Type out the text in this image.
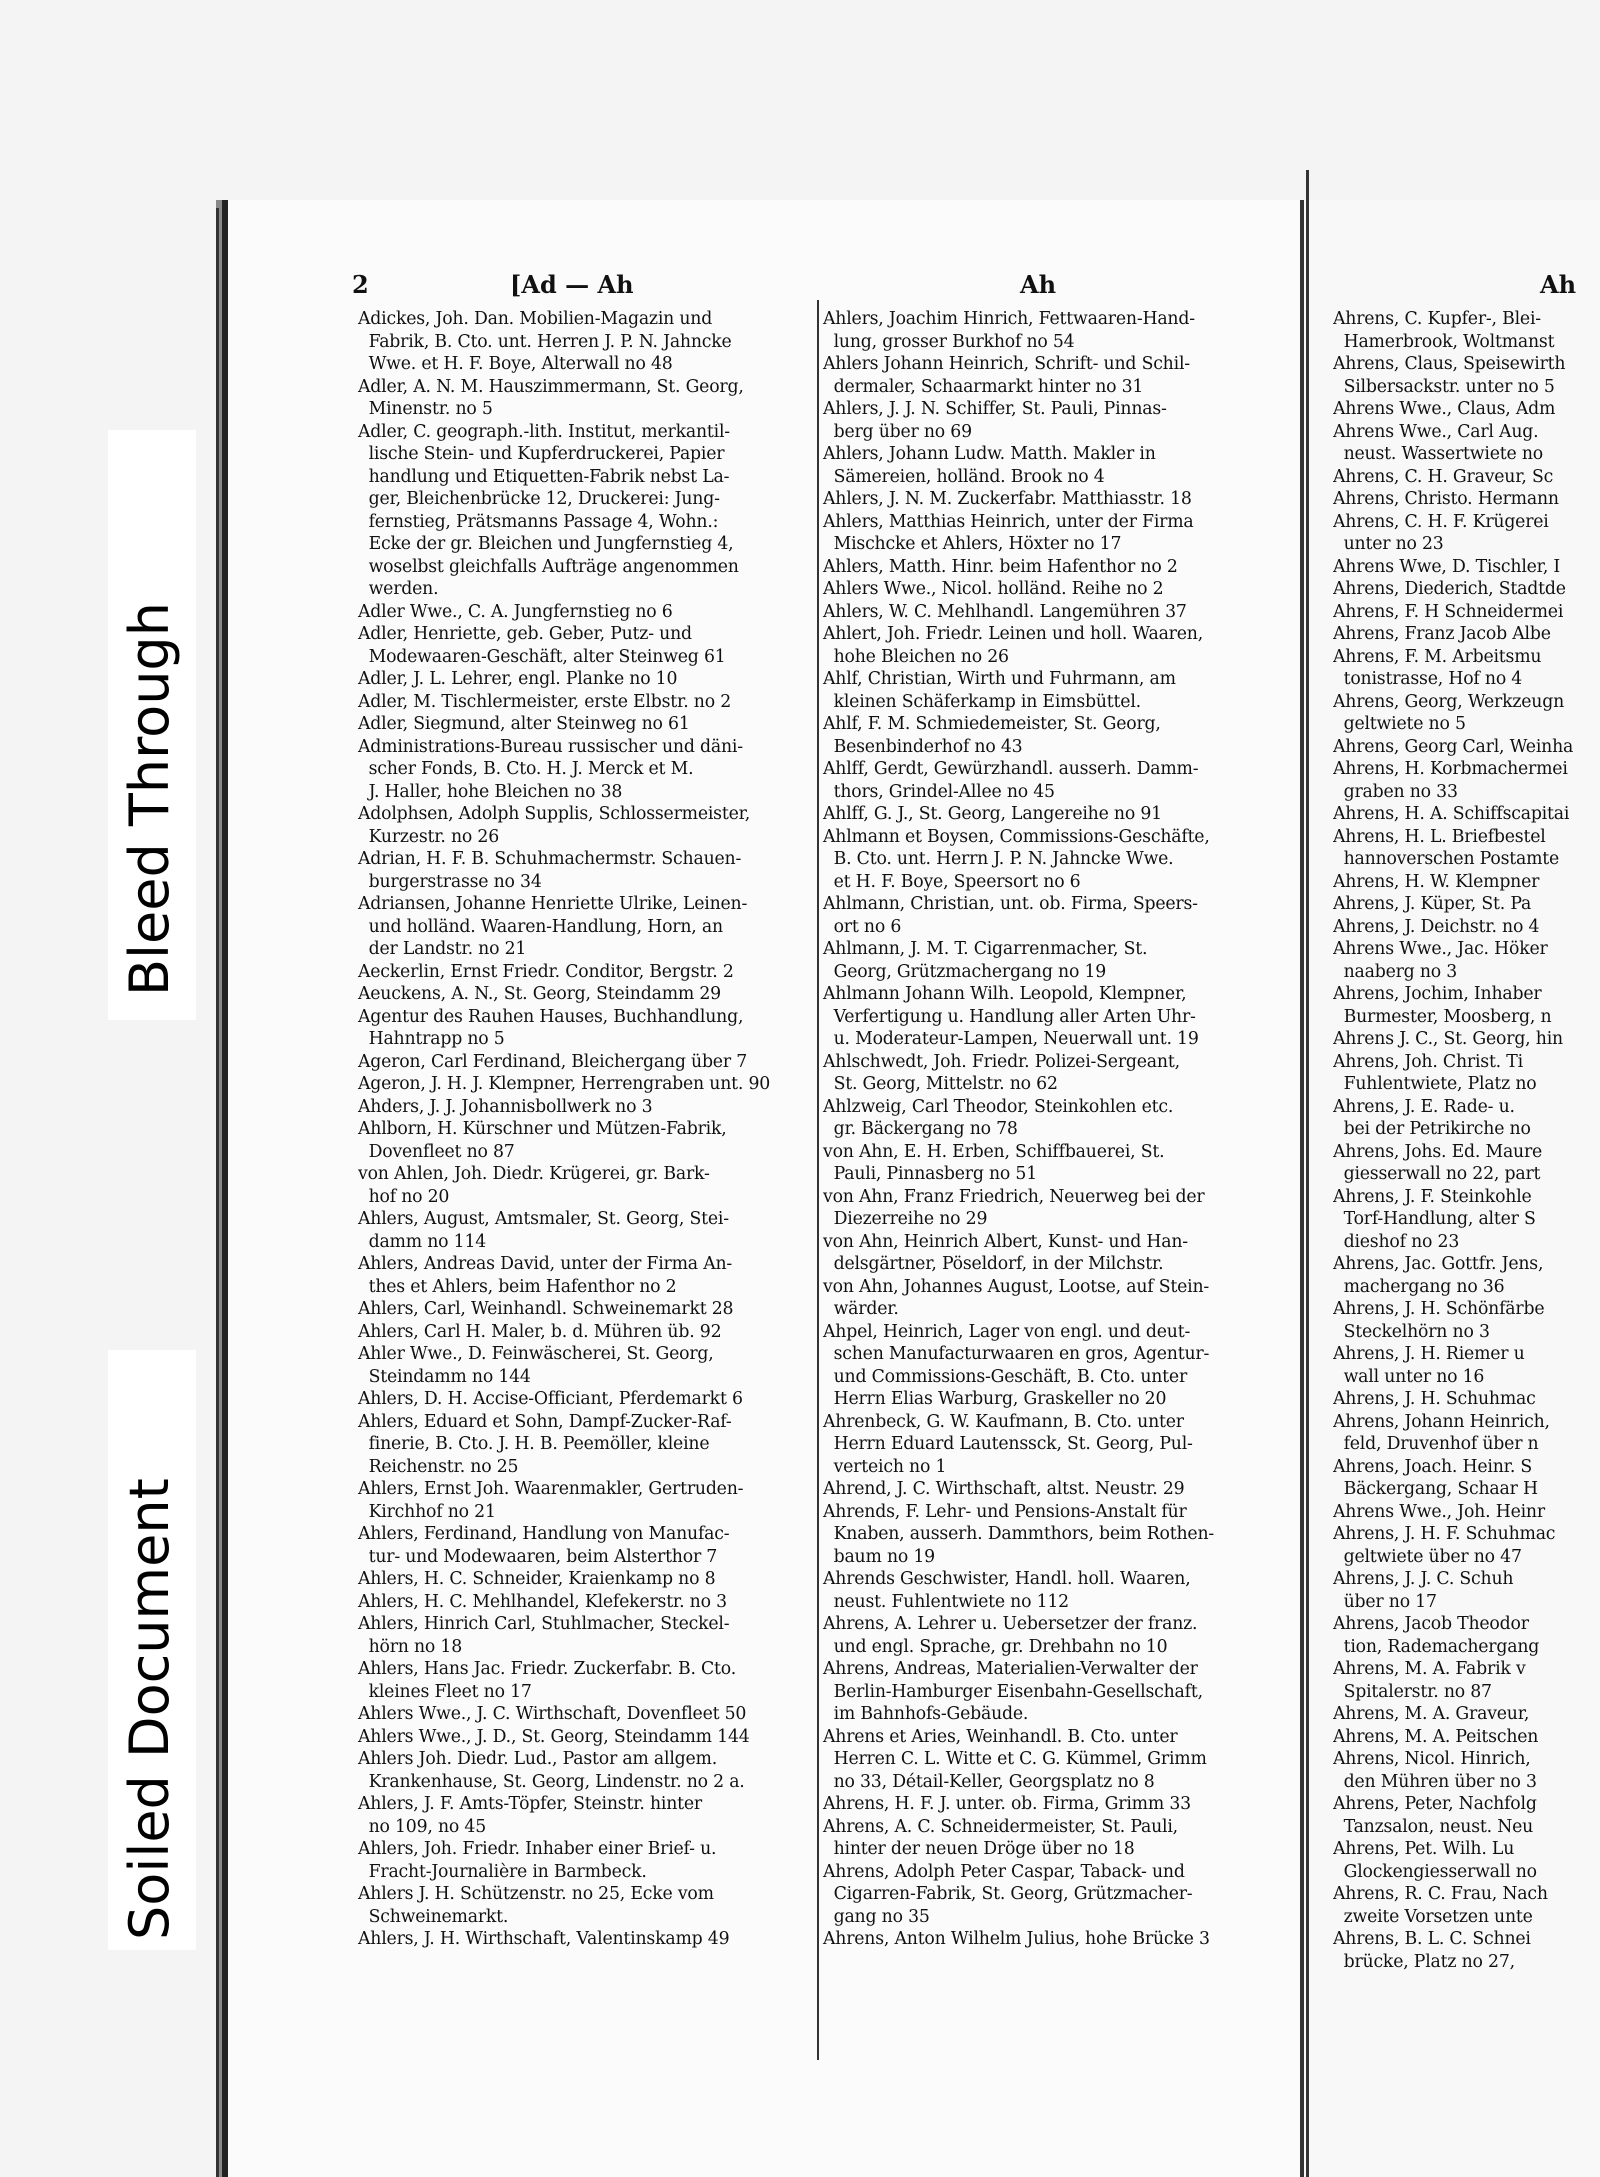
Bleed Through
Soiled Document
2	[Ad — Ah	Ah	Ah
Adickes, Joh. Dan. Mobilien-Magazin und
Fabrik, B. Cto. unt. Herren J. P. N. Jahncke
Wwe. et H. F. Boye, Alterwall no 48
Adler, A. N. M. Hauszimmermann, St. Georg,
Minenstr. no 5
Adler, C. geograph.-lith. Institut, merkantil-
lische Stein- und Kupferdruckerei, Papier
handlung und Etiquetten-Fabrik nebst La-
ger, Bleichenbrücke 12, Druckerei: Jung-
fernstieg, Prätsmanns Passage 4, Wohn.:
Ecke der gr. Bleichen und Jungfernstieg 4,
woselbst gleichfalls Aufträge angenommen
werden.
Adler Wwe., C. A. Jungfernstieg no 6
Adler, Henriette, geb. Geber, Putz- und
Modewaaren-Geschäft, alter Steinweg 61
Adler, J. L. Lehrer, engl. Planke no 10
Adler, M. Tischlermeister, erste Elbstr. no 2
Adler, Siegmund, alter Steinweg no 61
Administrations-Bureau russischer und däni-
scher Fonds, B. Cto. H. J. Merck et M.
J. Haller, hohe Bleichen no 38
Adolphsen, Adolph Supplis, Schlossermeister,
Kurzestr. no 26
Adrian, H. F. B. Schuhmachermstr. Schauen-
burgerstrasse no 34
Adriansen, Johanne Henriette Ulrike, Leinen-
und holländ. Waaren-Handlung, Horn, an
der Landstr. no 21
Aeckerlin, Ernst Friedr. Conditor, Bergstr. 2
Aeuckens, A. N., St. Georg, Steindamm 29
Agentur des Rauhen Hauses, Buchhandlung,
Hahntrapp no 5
Ageron, Carl Ferdinand, Bleichergang über 7
Ageron, J. H. J. Klempner, Herrengraben unt. 90
Ahders, J. J. Johannisbollwerk no 3
Ahlborn, H. Kürschner und Mützen-Fabrik,
Dovenfleet no 87
von Ahlen, Joh. Diedr. Krügerei, gr. Bark-
hof no 20
Ahlers, August, Amtsmaler, St. Georg, Stei-
damm no 114
Ahlers, Andreas David, unter der Firma An-
thes et Ahlers, beim Hafenthor no 2
Ahlers, Carl, Weinhandl. Schweinemarkt 28
Ahlers, Carl H. Maler, b. d. Mühren üb. 92
Ahler Wwe., D. Feinwäscherei, St. Georg,
Steindamm no 144
Ahlers, D. H. Accise-Officiant, Pferdemarkt 6
Ahlers, Eduard et Sohn, Dampf-Zucker-Raf-
finerie, B. Cto. J. H. B. Peemöller, kleine
Reichenstr. no 25
Ahlers, Ernst Joh. Waarenmakler, Gertruden-
Kirchhof no 21
Ahlers, Ferdinand, Handlung von Manufac-
tur- und Modewaaren, beim Alsterthor 7
Ahlers, H. C. Schneider, Kraienkamp no 8
Ahlers, H. C. Mehlhandel, Klefekerstr. no 3
Ahlers, Hinrich Carl, Stuhlmacher, Steckel-
hörn no 18
Ahlers, Hans Jac. Friedr. Zuckerfabr. B. Cto.
kleines Fleet no 17
Ahlers Wwe., J. C. Wirthschaft, Dovenfleet 50
Ahlers Wwe., J. D., St. Georg, Steindamm 144
Ahlers Joh. Diedr. Lud., Pastor am allgem.
Krankenhause, St. Georg, Lindenstr. no 2 a.
Ahlers, J. F. Amts-Töpfer, Steinstr. hinter
no 109, no 45
Ahlers, Joh. Friedr. Inhaber einer Brief- u.
Fracht-Journalière in Barmbeck.
Ahlers J. H. Schützenstr. no 25, Ecke vom
Schweinemarkt.
Ahlers, J. H. Wirthschaft, Valentinskamp 49
Ahlers, Joachim Hinrich, Fettwaaren-Hand-
lung, grosser Burkhof no 54
Ahlers Johann Heinrich, Schrift- und Schil-
dermaler, Schaarmarkt hinter no 31
Ahlers, J. J. N. Schiffer, St. Pauli, Pinnas-
berg über no 69
Ahlers, Johann Ludw. Matth. Makler in
Sämereien, holländ. Brook no 4
Ahlers, J. N. M. Zuckerfabr. Matthiasstr. 18
Ahlers, Matthias Heinrich, unter der Firma
Mischcke et Ahlers, Höxter no 17
Ahlers, Matth. Hinr. beim Hafenthor no 2
Ahlers Wwe., Nicol. holländ. Reihe no 2
Ahlers, W. C. Mehlhandl. Langemühren 37
Ahlert, Joh. Friedr. Leinen und holl. Waaren,
hohe Bleichen no 26
Ahlf, Christian, Wirth und Fuhrmann, am
kleinen Schäferkamp in Eimsbüttel.
Ahlf, F. M. Schmiedemeister, St. Georg,
Besenbinderhof no 43
Ahlff, Gerdt, Gewürzhandl. ausserh. Damm-
thors, Grindel-Allee no 45
Ahlff, G. J., St. Georg, Langereihe no 91
Ahlmann et Boysen, Commissions-Geschäfte,
B. Cto. unt. Herrn J. P. N. Jahncke Wwe.
et H. F. Boye, Speersort no 6
Ahlmann, Christian, unt. ob. Firma, Speers-
ort no 6
Ahlmann, J. M. T. Cigarrenmacher, St.
Georg, Grützmachergang no 19
Ahlmann Johann Wilh. Leopold, Klempner,
Verfertigung u. Handlung aller Arten Uhr-
u. Moderateur-Lampen, Neuerwall unt. 19
Ahlschwedt, Joh. Friedr. Polizei-Sergeant,
St. Georg, Mittelstr. no 62
Ahlzweig, Carl Theodor, Steinkohlen etc.
gr. Bäckergang no 78
von Ahn, E. H. Erben, Schiffbauerei, St.
Pauli, Pinnasberg no 51
von Ahn, Franz Friedrich, Neuerweg bei der
Diezerreihe no 29
von Ahn, Heinrich Albert, Kunst- und Han-
delsgärtner, Pöseldorf, in der Milchstr.
von Ahn, Johannes August, Lootse, auf Stein-
wärder.
Ahpel, Heinrich, Lager von engl. und deut-
schen Manufacturwaaren en gros, Agentur-
und Commissions-Geschäft, B. Cto. unter
Herrn Elias Warburg, Graskeller no 20
Ahrenbeck, G. W. Kaufmann, B. Cto. unter
Herrn Eduard Lautenssck, St. Georg, Pul-
verteich no 1
Ahrend, J. C. Wirthschaft, altst. Neustr. 29
Ahrends, F. Lehr- und Pensions-Anstalt für
Knaben, ausserh. Dammthors, beim Rothen-
baum no 19
Ahrends Geschwister, Handl. holl. Waaren,
neust. Fuhlentwiete no 112
Ahrens, A. Lehrer u. Uebersetzer der franz.
und engl. Sprache, gr. Drehbahn no 10
Ahrens, Andreas, Materialien-Verwalter der
Berlin-Hamburger Eisenbahn-Gesellschaft,
im Bahnhofs-Gebäude.
Ahrens et Aries, Weinhandl. B. Cto. unter
Herren C. L. Witte et C. G. Kümmel, Grimm
no 33, Détail-Keller, Georgsplatz no 8
Ahrens, H. F. J. unter. ob. Firma, Grimm 33
Ahrens, A. C. Schneidermeister, St. Pauli,
hinter der neuen Dröge über no 18
Ahrens, Adolph Peter Caspar, Taback- und
Cigarren-Fabrik, St. Georg, Grützmacher-
gang no 35
Ahrens, Anton Wilhelm Julius, hohe Brücke 3
Ahrens, C. Kupfer-, Blei-
Hamerbrook, Woltmanst
Ahrens, Claus, Speisewirth
Silbersackstr. unter no 5
Ahrens Wwe., Claus, Adm
Ahrens Wwe., Carl Aug.
neust. Wassertwiete no
Ahrens, C. H. Graveur, Sc
Ahrens, Christo. Hermann
Ahrens, C. H. F. Krügerei
unter no 23
Ahrens Wwe, D. Tischler, I
Ahrens, Diederich, Stadtde
Ahrens, F. H Schneidermei
Ahrens, Franz Jacob Albe
Ahrens, F. M. Arbeitsmu
tonistrasse, Hof no 4
Ahrens, Georg, Werkzeugn
geltwiete no 5
Ahrens, Georg Carl, Weinha
Ahrens, H. Korbmachermei
graben no 33
Ahrens, H. A. Schiffscapitai
Ahrens, H. L. Briefbestel
hannoverschen Postamte
Ahrens, H. W. Klempner
Ahrens, J. Küper, St. Pa
Ahrens, J. Deichstr. no 4
Ahrens Wwe., Jac. Höker
naaberg no 3
Ahrens, Jochim, Inhaber
Burmester, Moosberg, n
Ahrens J. C., St. Georg, hin
Ahrens, Joh. Christ. Ti
Fuhlentwiete, Platz no
Ahrens, J. E. Rade- u.
bei der Petrikirche no
Ahrens, Johs. Ed. Maure
giesserwall no 22, part
Ahrens, J. F. Steinkohle
Torf-Handlung, alter S
dieshof no 23
Ahrens, Jac. Gottfr. Jens,
machergang no 36
Ahrens, J. H. Schönfärbe
Steckelhörn no 3
Ahrens, J. H. Riemer u
wall unter no 16
Ahrens, J. H. Schuhmac
Ahrens, Johann Heinrich,
feld, Druvenhof über n
Ahrens, Joach. Heinr. S
Bäckergang, Schaar H
Ahrens Wwe., Joh. Heinr
Ahrens, J. H. F. Schuhmac
geltwiete über no 47
Ahrens, J. J. C. Schuh
über no 17
Ahrens, Jacob Theodor
tion, Rademachergang
Ahrens, M. A. Fabrik v
Spitalerstr. no 87
Ahrens, M. A. Graveur,
Ahrens, M. A. Peitschen
Ahrens, Nicol. Hinrich,
den Mühren über no 3
Ahrens, Peter, Nachfolg
Tanzsalon, neust. Neu
Ahrens, Pet. Wilh. Lu
Glockengiesserwall no
Ahrens, R. C. Frau, Nach
zweite Vorsetzen unte
Ahrens, B. L. C. Schnei
brücke, Platz no 27,
